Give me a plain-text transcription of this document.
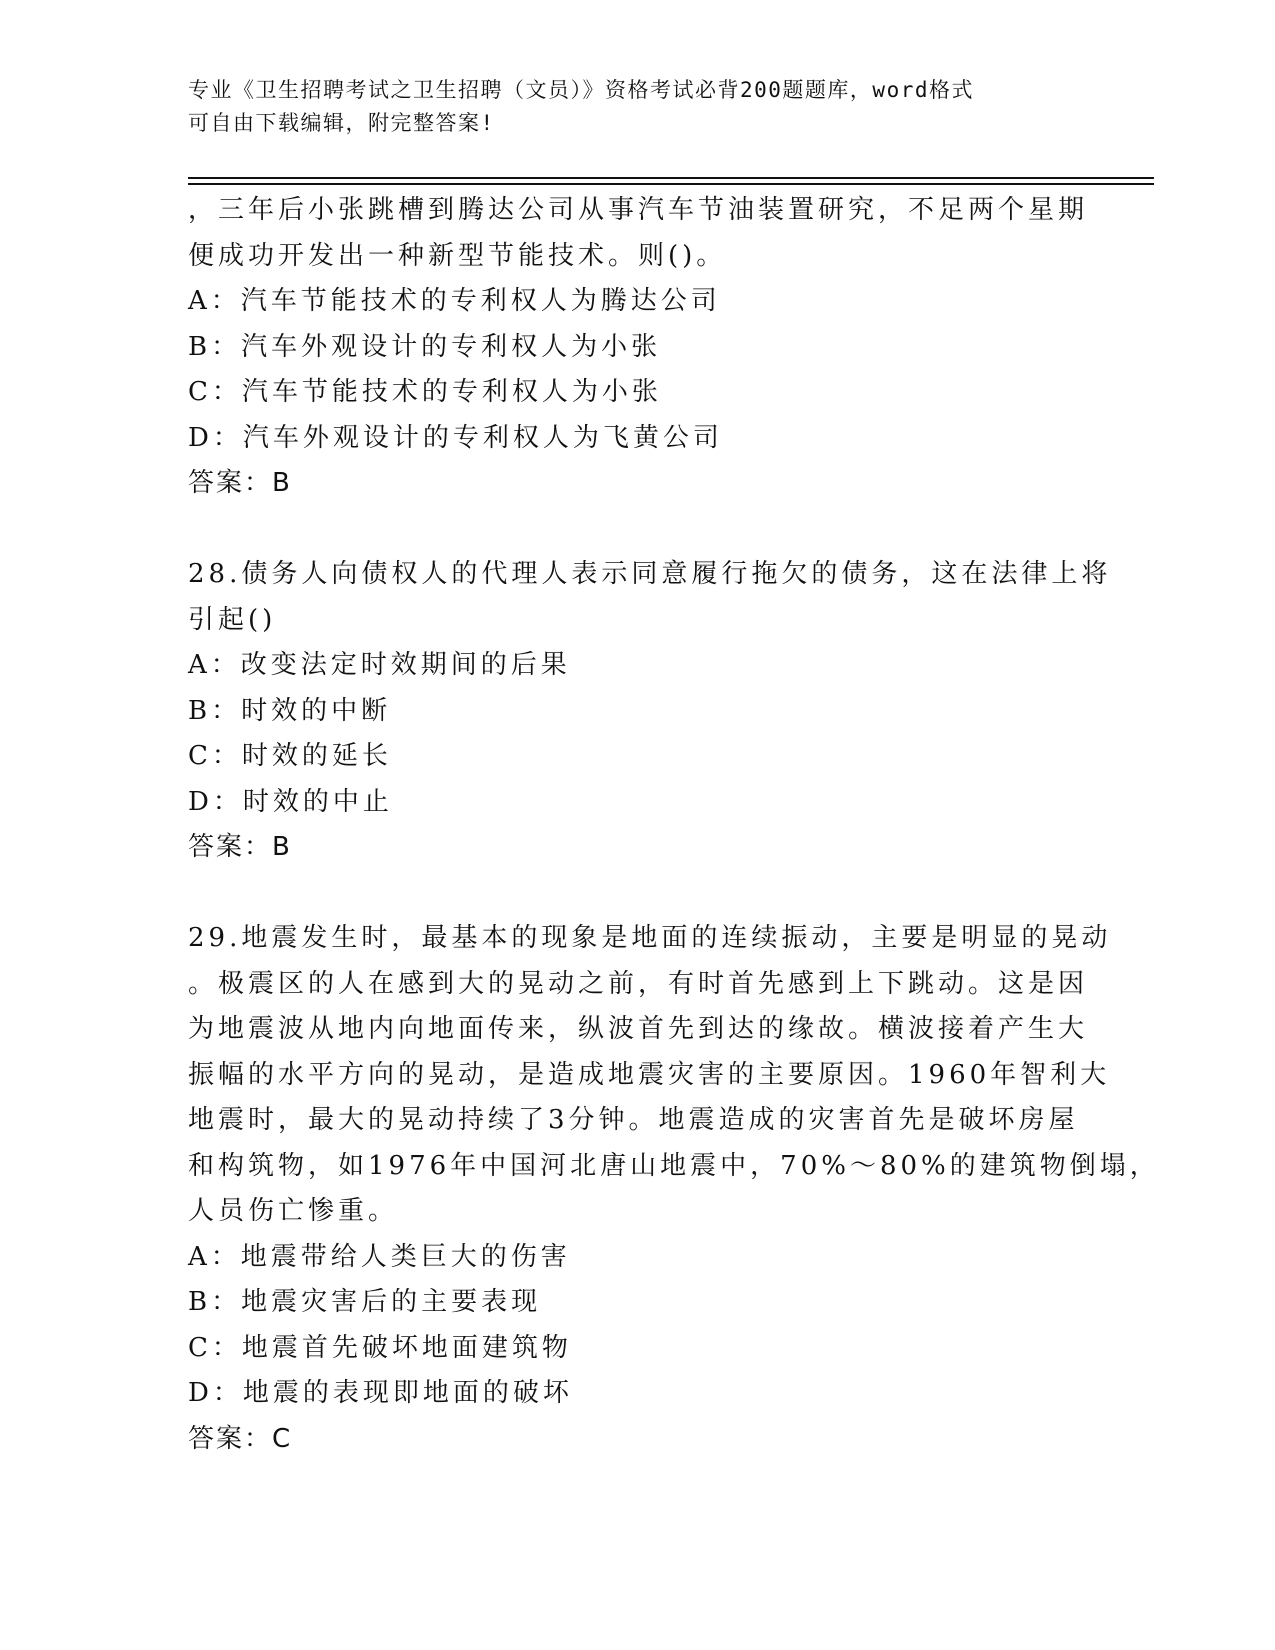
专业《卫生招聘考试之卫生招聘（文员）》资格考试必背200题题库，word格式
可自由下载编辑，附完整答案!
，三年后小张跳槽到腾达公司从事汽车节油装置研究，不足两个星期
便成功开发出一种新型节能技术。则()。
A：汽车节能技术的专利权人为腾达公司
B：汽车外观设计的专利权人为小张
C：汽车节能技术的专利权人为小张
D：汽车外观设计的专利权人为飞黄公司
答案：B
28.债务人向债权人的代理人表示同意履行拖欠的债务，这在法律上将
引起()
A：改变法定时效期间的后果
B：时效的中断
C：时效的延长
D：时效的中止
答案：B
29.地震发生时，最基本的现象是地面的连续振动，主要是明显的晃动
。极震区的人在感到大的晃动之前，有时首先感到上下跳动。这是因
为地震波从地内向地面传来，纵波首先到达的缘故。横波接着产生大
振幅的水平方向的晃动，是造成地震灾害的主要原因。1960年智利大
地震时，最大的晃动持续了3分钟。地震造成的灾害首先是破坏房屋
和构筑物，如1976年中国河北唐山地震中，70%～80%的建筑物倒塌，
人员伤亡惨重。
A：地震带给人类巨大的伤害
B：地震灾害后的主要表现
C：地震首先破坏地面建筑物
D：地震的表现即地面的破坏
答案：C
